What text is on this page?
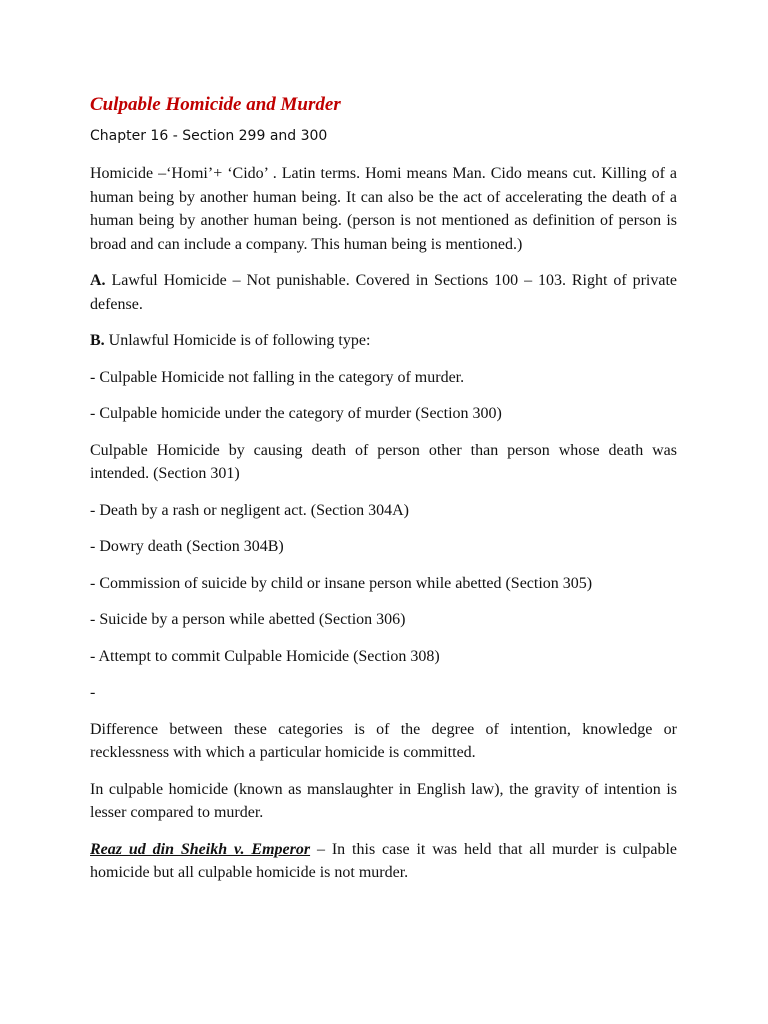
Culpable Homicide and Murder
Chapter 16 - Section 299 and 300

Homicide –‘Homi’+ ‘Cido’ . Latin terms. Homi means Man. Cido means cut. Killing of a human being by another human being. It can also be the act of accelerating the death of a human being by another human being. (person is not mentioned as definition of person is broad and can include a company. This human being is mentioned.)

A. Lawful Homicide – Not punishable. Covered in Sections 100 – 103. Right of private defense.

B. Unlawful Homicide is of following type:

- Culpable Homicide not falling in the category of murder.

- Culpable homicide under the category of murder (Section 300)

Culpable Homicide by causing death of person other than person whose death was intended. (Section 301)

- Death by a rash or negligent act. (Section 304A)

- Dowry death (Section 304B)

- Commission of suicide by child or insane person while abetted (Section 305)

- Suicide by a person while abetted (Section 306)

- Attempt to commit Culpable Homicide (Section 308)

-

Difference between these categories is of the degree of intention, knowledge or recklessness with which a particular homicide is committed.

In culpable homicide (known as manslaughter in English law), the gravity of intention is lesser compared to murder.

Reaz ud din Sheikh v. Emperor – In this case it was held that all murder is culpable homicide but all culpable homicide is not murder.
